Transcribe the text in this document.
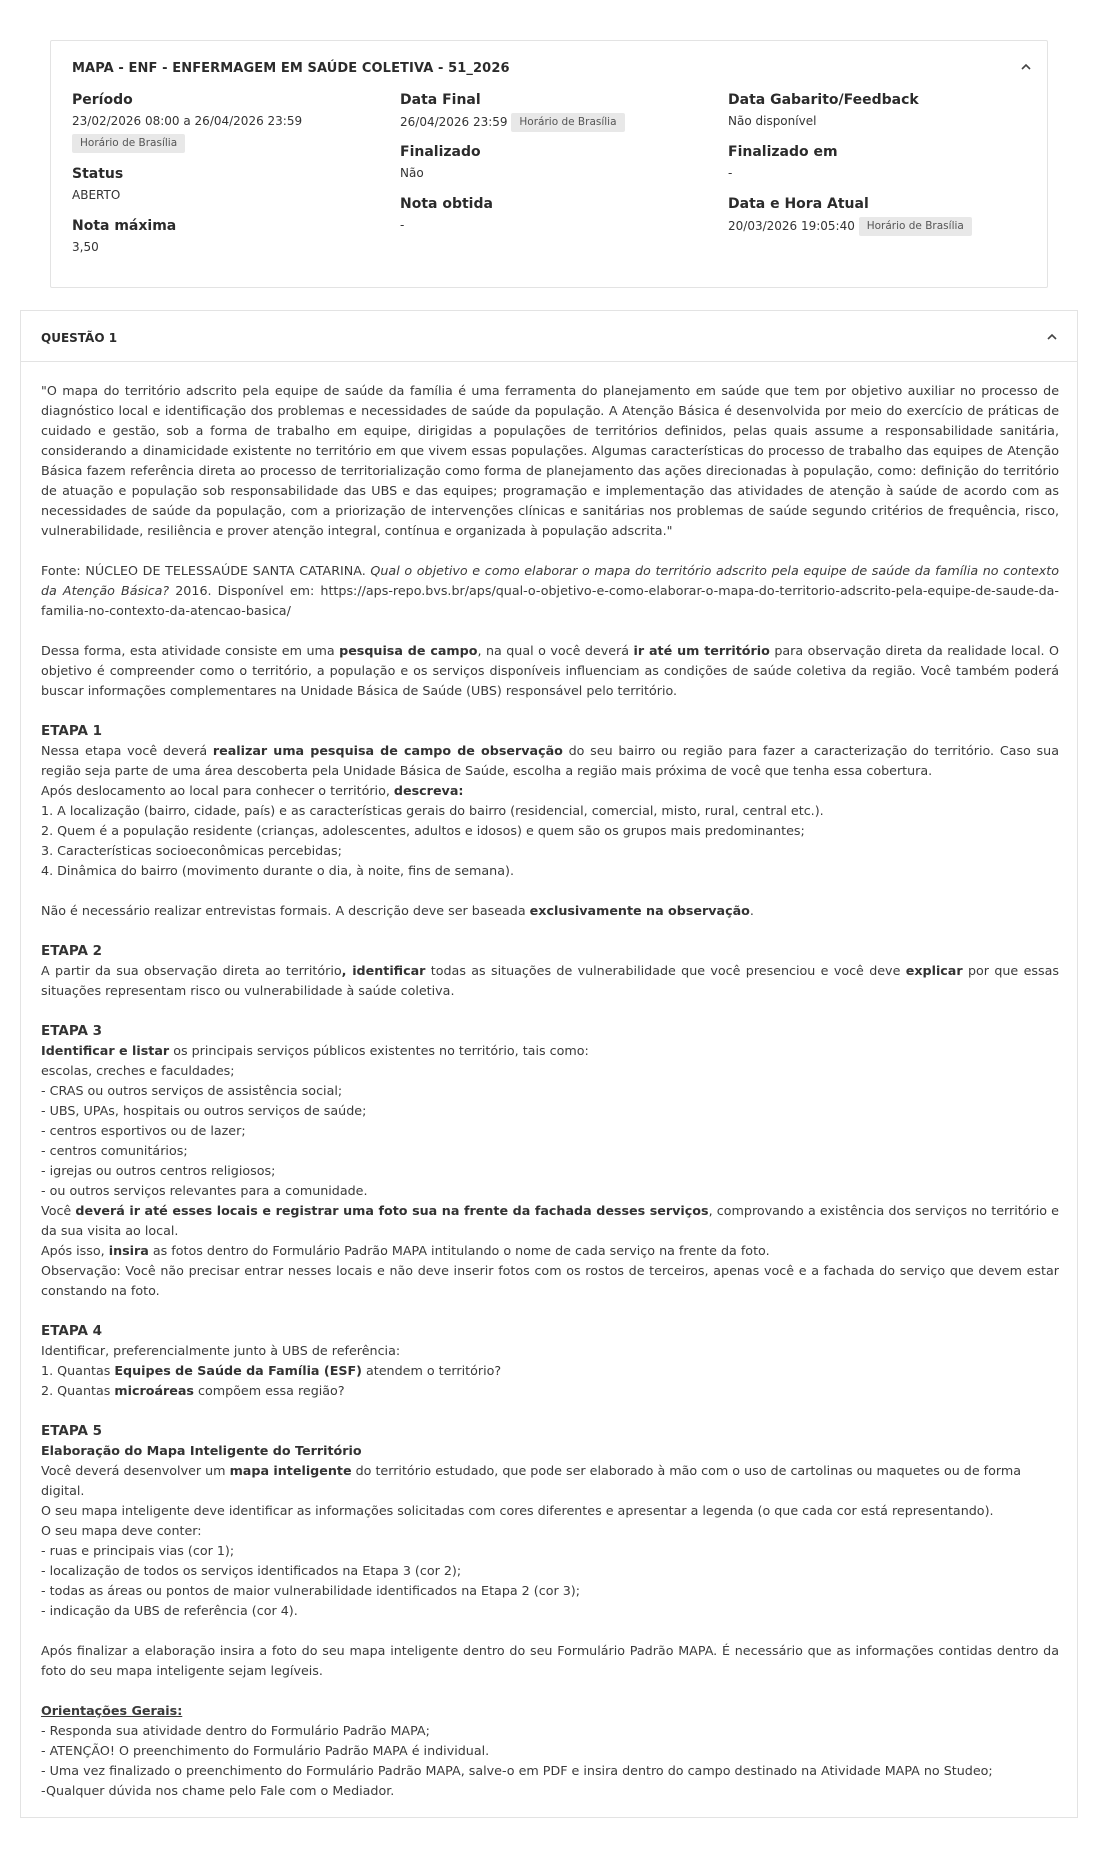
MAPA - ENF - ENFERMAGEM EM SAÚDE COLETIVA - 51_2026
Período
23/02/2026 08:00 a 26/04/2026 23:59
Horário de Brasília
Status
ABERTO
Nota máxima
3,50
Data Final
26/04/2026 23:59 Horário de Brasília
Finalizado
Não
Nota obtida
-
Data Gabarito/Feedback
Não disponível
Finalizado em
-
Data e Hora Atual
20/03/2026 19:05:40 Horário de Brasília
QUESTÃO 1

"O mapa do território adscrito pela equipe de saúde da família é uma ferramenta do planejamento em saúde que tem por objetivo auxiliar no processo de diagnóstico local e identificação dos problemas e necessidades de saúde da população. A Atenção Básica é desenvolvida por meio do exercício de práticas de cuidado e gestão, sob a forma de trabalho em equipe, dirigidas a populações de territórios definidos, pelas quais assume a responsabilidade sanitária, considerando a dinamicidade existente no território em que vivem essas populações. Algumas características do processo de trabalho das equipes de Atenção Básica fazem referência direta ao processo de territorialização como forma de planejamento das ações direcionadas à população, como: definição do território de atuação e população sob responsabilidade das UBS e das equipes; programação e implementação das atividades de atenção à saúde de acordo com as necessidades de saúde da população, com a priorização de intervenções clínicas e sanitárias nos problemas de saúde segundo critérios de frequência, risco, vulnerabilidade, resiliência e prover atenção integral, contínua e organizada à população adscrita."

Fonte: NÚCLEO DE TELESSAÚDE SANTA CATARINA. Qual o objetivo e como elaborar o mapa do território adscrito pela equipe de saúde da família no contexto da Atenção Básica? 2016. Disponível em: https://aps-repo.bvs.br/aps/qual-o-objetivo-e-como-elaborar-o-mapa-do-territorio-adscrito-pela-equipe-de-saude-da-familia-no-contexto-da-atencao-basica/

Dessa forma, esta atividade consiste em uma pesquisa de campo, na qual o você deverá ir até um território para observação direta da realidade local. O objetivo é compreender como o território, a população e os serviços disponíveis influenciam as condições de saúde coletiva da região. Você também poderá buscar informações complementares na Unidade Básica de Saúde (UBS) responsável pelo território.

ETAPA 1

Nessa etapa você deverá realizar uma pesquisa de campo de observação do seu bairro ou região para fazer a caracterização do território. Caso sua região seja parte de uma área descoberta pela Unidade Básica de Saúde, escolha a região mais próxima de você que tenha essa cobertura.

Após deslocamento ao local para conhecer o território, descreva:

1. A localização (bairro, cidade, país) e as características gerais do bairro (residencial, comercial, misto, rural, central etc.).

2. Quem é a população residente (crianças, adolescentes, adultos e idosos) e quem são os grupos mais predominantes;

3. Características socioeconômicas percebidas;

4. Dinâmica do bairro (movimento durante o dia, à noite, fins de semana).

Não é necessário realizar entrevistas formais. A descrição deve ser baseada exclusivamente na observação.

ETAPA 2

A partir da sua observação direta ao território, identificar todas as situações de vulnerabilidade que você presenciou e você deve explicar por que essas situações representam risco ou vulnerabilidade à saúde coletiva.

ETAPA 3

Identificar e listar os principais serviços públicos existentes no território, tais como:

escolas, creches e faculdades;

- CRAS ou outros serviços de assistência social;

- UBS, UPAs, hospitais ou outros serviços de saúde;

- centros esportivos ou de lazer;

- centros comunitários;

- igrejas ou outros centros religiosos;

- ou outros serviços relevantes para a comunidade.

Você deverá ir até esses locais e registrar uma foto sua na frente da fachada desses serviços, comprovando a existência dos serviços no território e da sua visita ao local.

Após isso, insira as fotos dentro do Formulário Padrão MAPA intitulando o nome de cada serviço na frente da foto.

Observação: Você não precisar entrar nesses locais e não deve inserir fotos com os rostos de terceiros, apenas você e a fachada do serviço que devem estar constando na foto.

ETAPA 4

Identificar, preferencialmente junto à UBS de referência:

1. Quantas Equipes de Saúde da Família (ESF) atendem o território?

2. Quantas microáreas compõem essa região?

ETAPA 5

Elaboração do Mapa Inteligente do Território

Você deverá desenvolver um mapa inteligente do território estudado, que pode ser elaborado à mão com o uso de cartolinas ou maquetes ou de forma digital.

O seu mapa inteligente deve identificar as informações solicitadas com cores diferentes e apresentar a legenda (o que cada cor está representando).

O seu mapa deve conter:

- ruas e principais vias (cor 1);

- localização de todos os serviços identificados na Etapa 3 (cor 2);

- todas as áreas ou pontos de maior vulnerabilidade identificados na Etapa 2 (cor 3);

- indicação da UBS de referência (cor 4).

Após finalizar a elaboração insira a foto do seu mapa inteligente dentro do seu Formulário Padrão MAPA. É necessário que as informações contidas dentro da foto do seu mapa inteligente sejam legíveis.

Orientações Gerais:

- Responda sua atividade dentro do Formulário Padrão MAPA;

- ATENÇÃO! O preenchimento do Formulário Padrão MAPA é individual.

- Uma vez finalizado o preenchimento do Formulário Padrão MAPA, salve-o em PDF e insira dentro do campo destinado na Atividade MAPA no Studeo;

-Qualquer dúvida nos chame pelo Fale com o Mediador.
